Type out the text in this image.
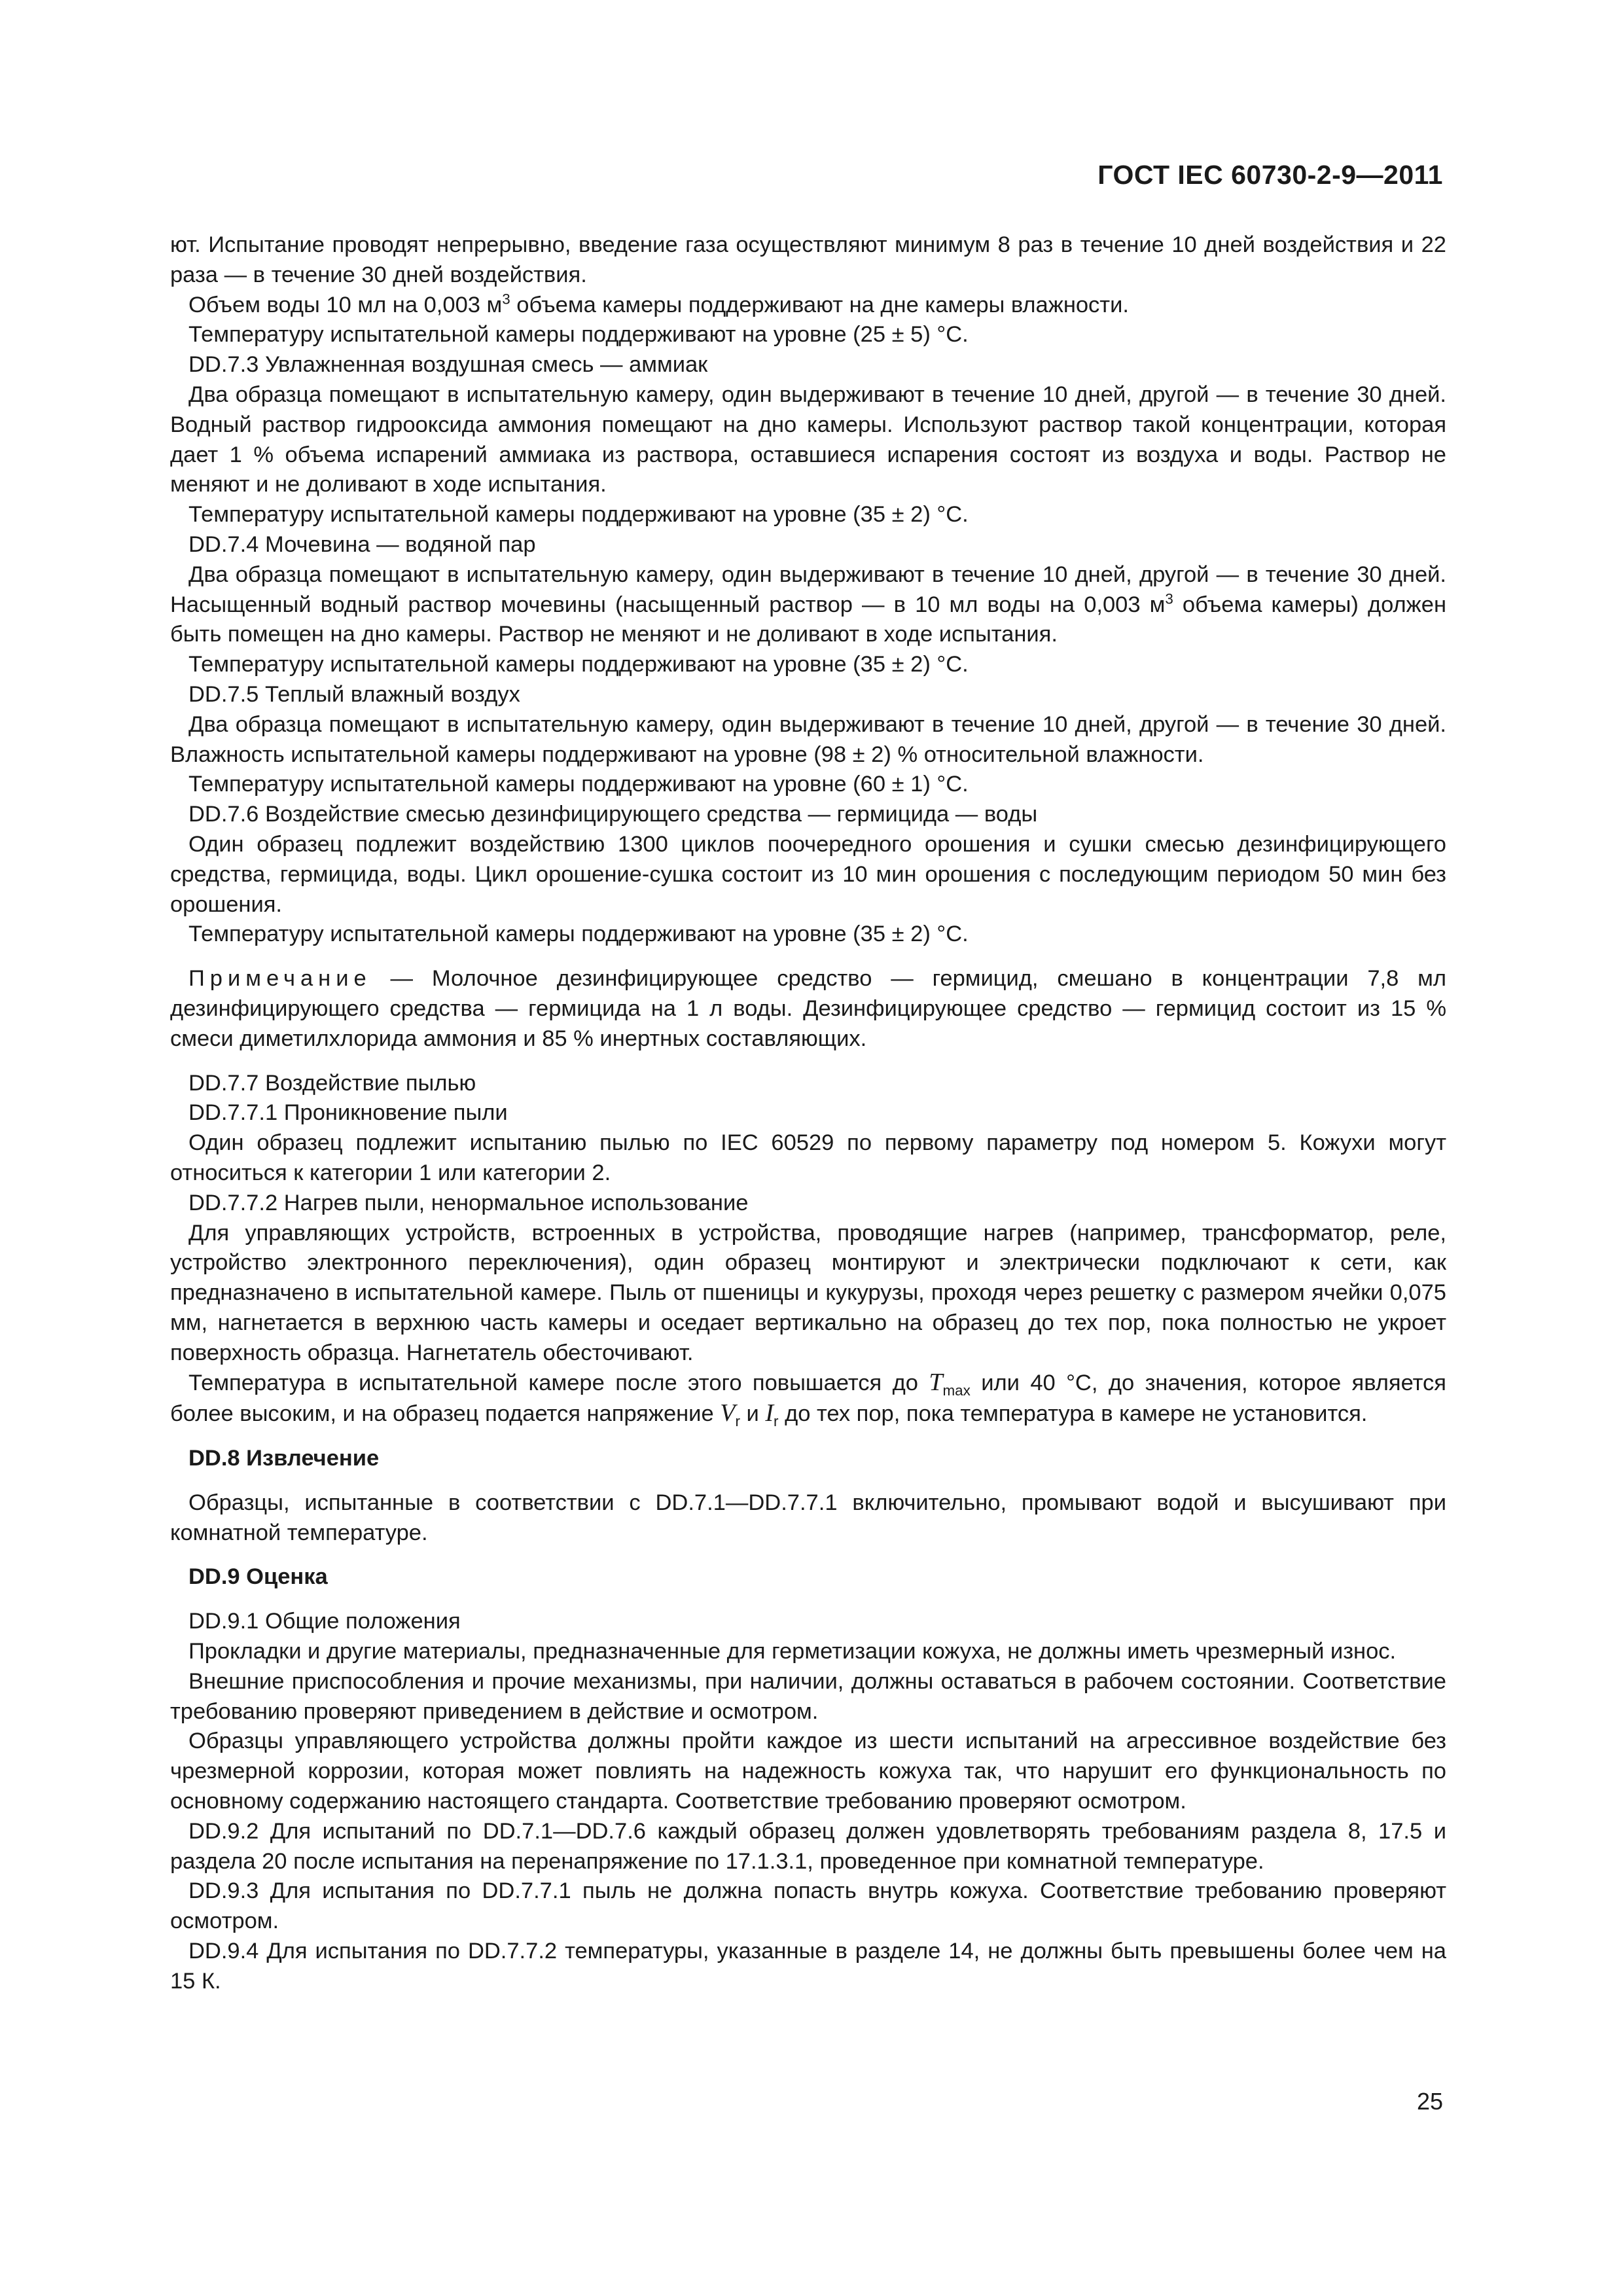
ГОСТ IEC 60730-2-9—2011

ют. Испытание проводят непрерывно, введение газа осуществляют минимум 8 раз в течение 10 дней воздействия и 22 раза — в течение 30 дней воздействия.

Объем воды 10 мл на 0,003 $м^3$ объема камеры поддерживают на дне камеры влажности.

Температуру испытательной камеры поддерживают на уровне (25 ± 5) °С.

DD.7.3 Увлажненная воздушная смесь — аммиак

Два образца помещают в испытательную камеру, один выдерживают в течение 10 дней, другой — в течение 30 дней. Водный раствор гидрооксида аммония помещают на дно камеры. Используют раствор такой концентрации, которая дает 1 % объема испарений аммиака из раствора, оставшиеся испарения состоят из воздуха и воды. Раствор не меняют и не доливают в ходе испытания.

Температуру испытательной камеры поддерживают на уровне (35 ± 2) °С.

DD.7.4 Мочевина — водяной пар

Два образца помещают в испытательную камеру, один выдерживают в течение 10 дней, другой — в течение 30 дней. Насыщенный водный раствор мочевины (насыщенный раствор — в 10 мл воды на 0,003 $м^3$ объема камеры) должен быть помещен на дно камеры. Раствор не меняют и не доливают в ходе испытания.

Температуру испытательной камеры поддерживают на уровне (35 ± 2) °С.

DD.7.5 Теплый влажный воздух

Два образца помещают в испытательную камеру, один выдерживают в течение 10 дней, другой — в течение 30 дней. Влажность испытательной камеры поддерживают на уровне (98 ± 2) % относительной влажности.

Температуру испытательной камеры поддерживают на уровне (60 ± 1) °С.

DD.7.6 Воздействие смесью дезинфицирующего средства — гермицида — воды

Один образец подлежит воздействию 1300 циклов поочередного орошения и сушки смесью дезинфицирующего средства, гермицида, воды. Цикл орошение-сушка состоит из 10 мин орошения с последующим периодом 50 мин без орошения.

Температуру испытательной камеры поддерживают на уровне (35 ± 2) °С.

Примечание — Молочное дезинфицирующее средство — гермицид, смешано в концентрации 7,8 мл дезинфицирующего средства — гермицида на 1 л воды. Дезинфицирующее средство — гермицид состоит из 15 % смеси диметилхлорида аммония и 85 % инертных составляющих.

DD.7.7 Воздействие пылью

DD.7.7.1 Проникновение пыли

Один образец подлежит испытанию пылью по IEC 60529 по первому параметру под номером 5. Кожухи могут относиться к категории 1 или категории 2.

DD.7.7.2 Нагрев пыли, ненормальное использование

Для управляющих устройств, встроенных в устройства, проводящие нагрев (например, трансформатор, реле, устройство электронного переключения), один образец монтируют и электрически подключают к сети, как предназначено в испытательной камере. Пыль от пшеницы и кукурузы, проходя через решетку с размером ячейки 0,075 мм, нагнетается в верхнюю часть камеры и оседает вертикально на образец до тех пор, пока полностью не укроет поверхность образца. Нагнетатель обесточивают.

Температура в испытательной камере после этого повышается до $T_{max}$ или 40 °С, до значения, которое является более высоким, и на образец подается напряжение $V_r$ и $I_r$ до тех пор, пока температура в камере не установится.

DD.8 Извлечение

Образцы, испытанные в соответствии с DD.7.1—DD.7.7.1 включительно, промывают водой и высушивают при комнатной температуре.

DD.9 Оценка

DD.9.1 Общие положения

Прокладки и другие материалы, предназначенные для герметизации кожуха, не должны иметь чрезмерный износ.

Внешние приспособления и прочие механизмы, при наличии, должны оставаться в рабочем состоянии. Соответствие требованию проверяют приведением в действие и осмотром.

Образцы управляющего устройства должны пройти каждое из шести испытаний на агрессивное воздействие без чрезмерной коррозии, которая может повлиять на надежность кожуха так, что нарушит его функциональность по основному содержанию настоящего стандарта. Соответствие требованию проверяют осмотром.

DD.9.2 Для испытаний по DD.7.1—DD.7.6 каждый образец должен удовлетворять требованиям раздела 8, 17.5 и раздела 20 после испытания на перенапряжение по 17.1.3.1, проведенное при комнатной температуре.

DD.9.3 Для испытания по DD.7.7.1 пыль не должна попасть внутрь кожуха. Соответствие требованию проверяют осмотром.

DD.9.4 Для испытания по DD.7.7.2 температуры, указанные в разделе 14, не должны быть превышены более чем на 15 К.

25
